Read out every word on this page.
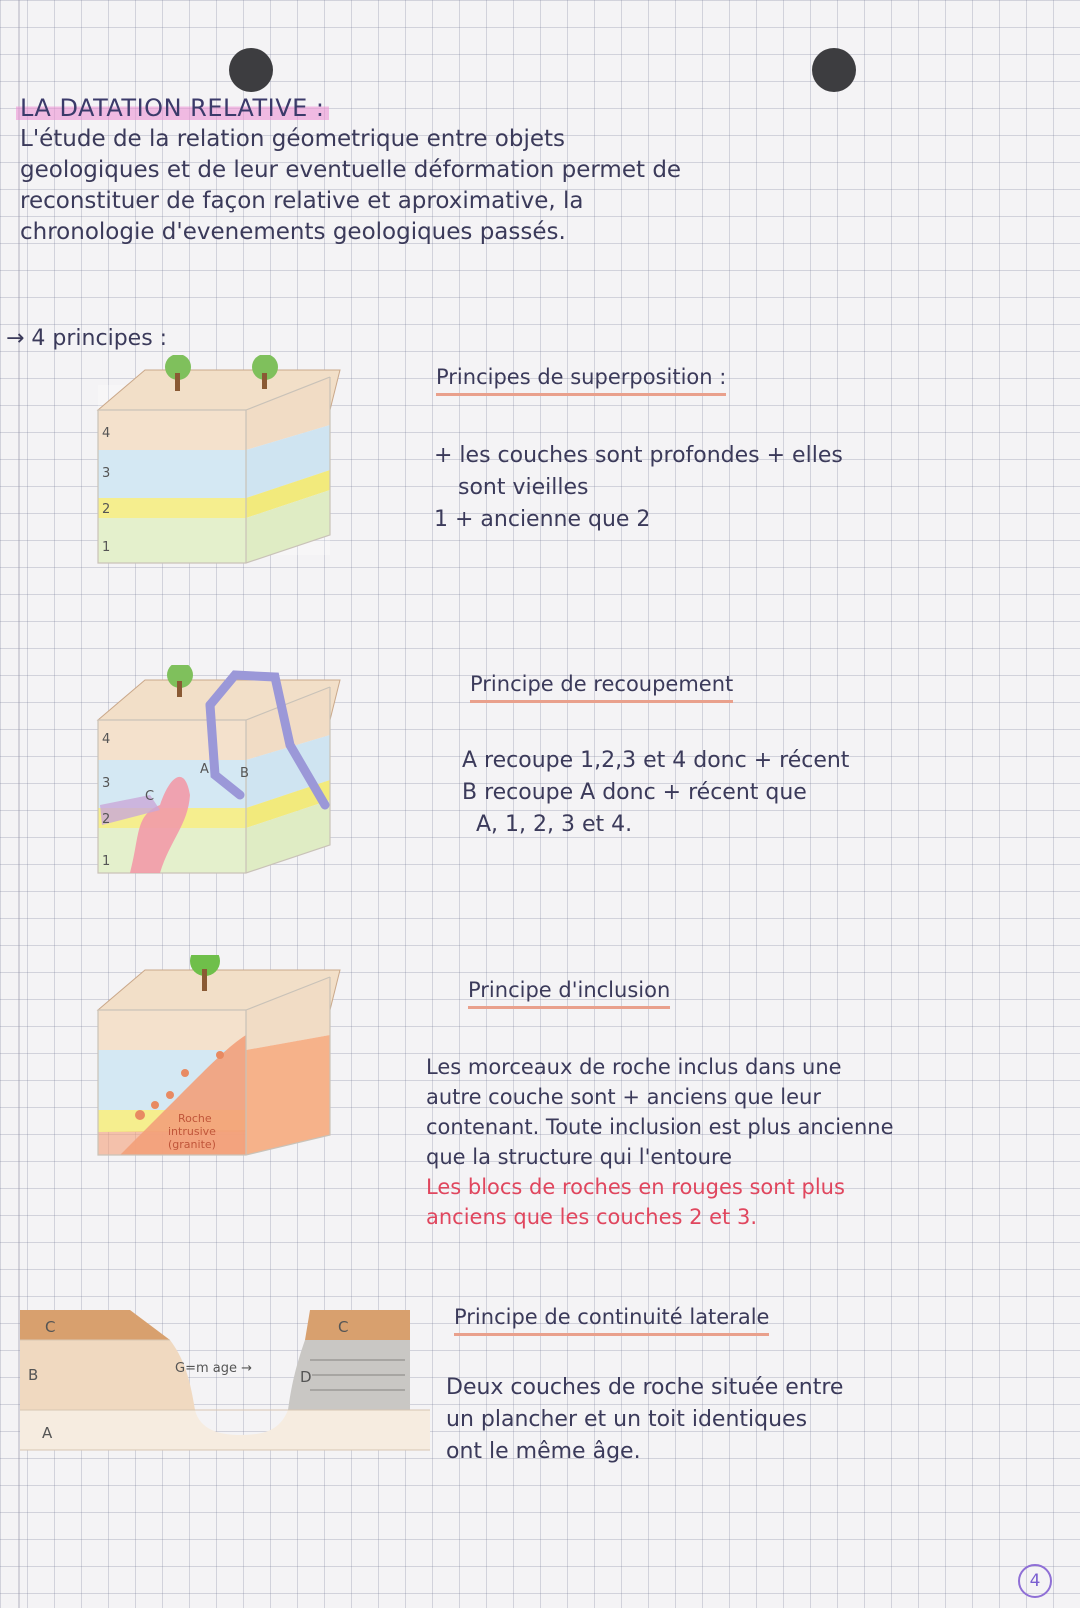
LA DATATION RELATIVE :
L'étude de la relation géometrique entre objets
geologiques et de leur eventuelle déformation permet de
reconstituer de façon relative et aproximative, la
chronologie d'evenements geologiques passés.
→ 4 principes :
4
3
2
1
Principes de superposition :
+ les couches sont profondes + elles
sont vieilles
1 + ancienne que 2
4
3
2
1
C
A B
Principe de recoupement
A recoupe 1,2,3 et 4 donc + récent
B recoupe A donc + récent que
A, 1, 2, 3 et 4.
Roche
intrusive
(granite)
Principe d'inclusion
Les morceaux de roche inclus dans une
autre couche sont + anciens que leur
contenant. Toute inclusion est plus ancienne
que la structure qui l'entoure
Les blocs de roches en rouges sont plus
anciens que les couches 2 et 3.
C
B
A
C
D
G=m age →
Principe de continuité laterale
Deux couches de roche située entre
un plancher et un toit identiques
ont le même âge.
4
